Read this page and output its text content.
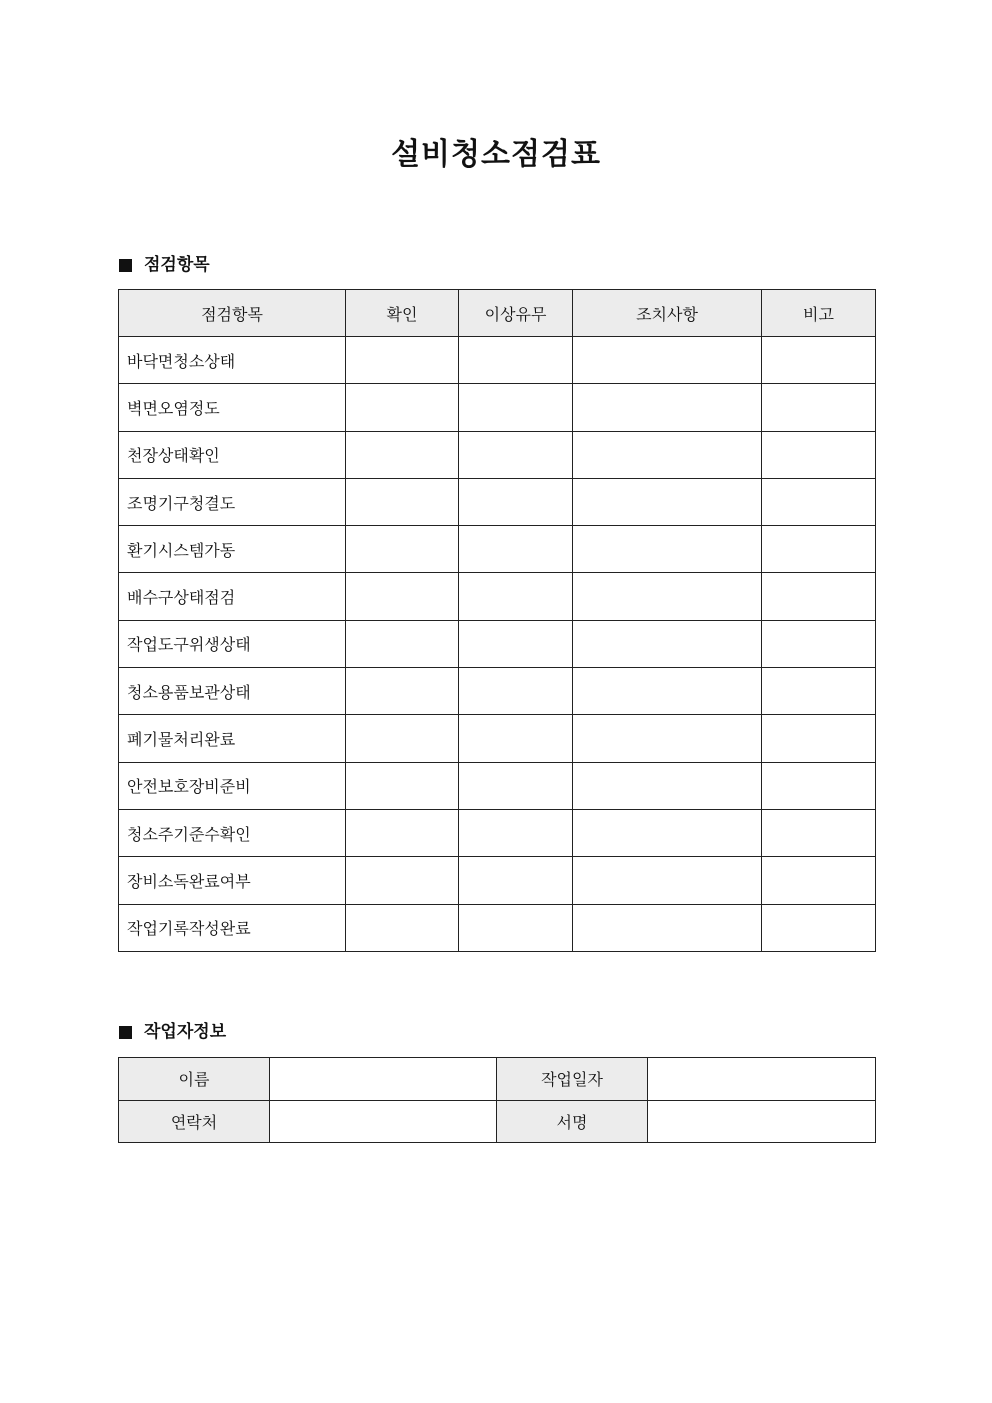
설비청소점검표
점검항목
점검항목	확인	이상유무	조치사항	비고
바닥면청소상태				
벽면오염정도				
천장상태확인				
조명기구청결도				
환기시스템가동				
배수구상태점검				
작업도구위생상태				
청소용품보관상태				
폐기물처리완료				
안전보호장비준비				
청소주기준수확인				
장비소독완료여부				
작업기록작성완료				
작업자정보
이름		작업일자	
연락처		서명	
